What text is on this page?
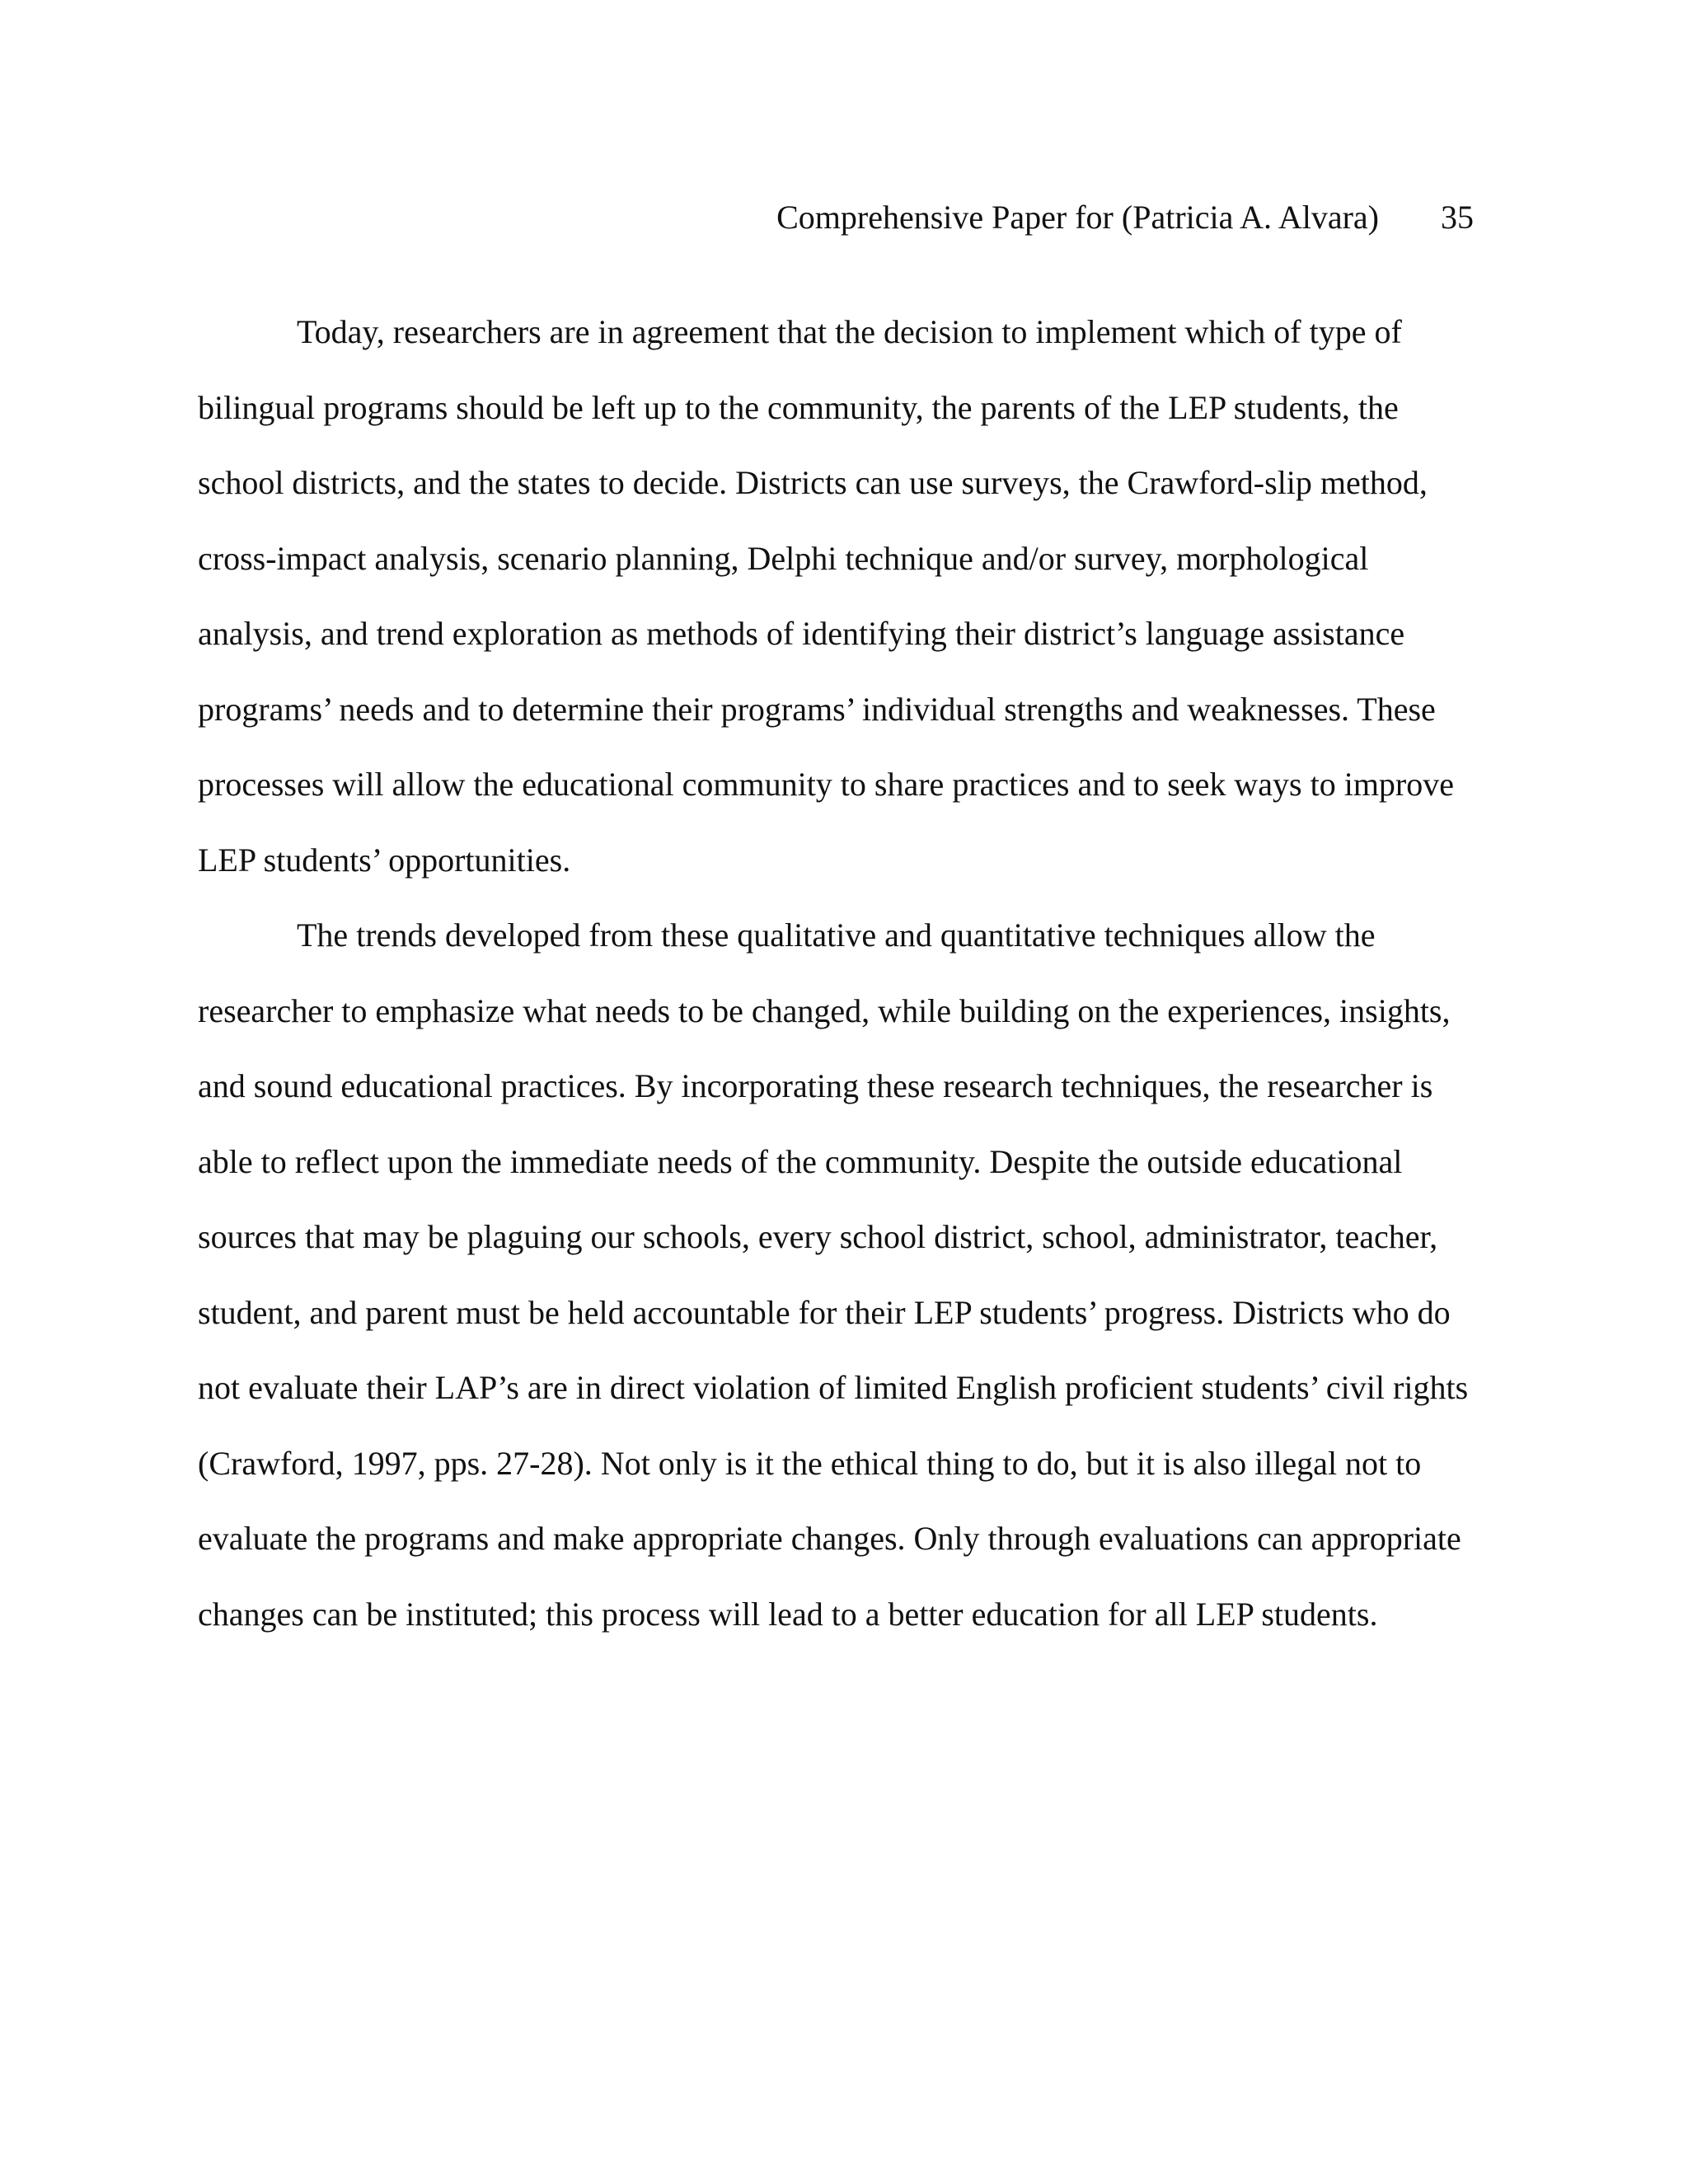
Comprehensive Paper for (Patricia A. Alvara) 35

Today, researchers are in agreement that the decision to implement which of type of
bilingual programs should be left up to the community, the parents of the LEP students, the
school districts, and the states to decide. Districts can use surveys, the Crawford-slip method,
cross-impact analysis, scenario planning, Delphi technique and/or survey, morphological
analysis, and trend exploration as methods of identifying their district’s language assistance
programs’ needs and to determine their programs’ individual strengths and weaknesses. These
processes will allow the educational community to share practices and to seek ways to improve
LEP students’ opportunities.

The trends developed from these qualitative and quantitative techniques allow the
researcher to emphasize what needs to be changed, while building on the experiences, insights,
and sound educational practices. By incorporating these research techniques, the researcher is
able to reflect upon the immediate needs of the community. Despite the outside educational
sources that may be plaguing our schools, every school district, school, administrator, teacher,
student, and parent must be held accountable for their LEP students’ progress. Districts who do
not evaluate their LAP’s are in direct violation of limited English proficient students’ civil rights
(Crawford, 1997, pps. 27-28). Not only is it the ethical thing to do, but it is also illegal not to
evaluate the programs and make appropriate changes. Only through evaluations can appropriate
changes can be instituted; this process will lead to a better education for all LEP students.
